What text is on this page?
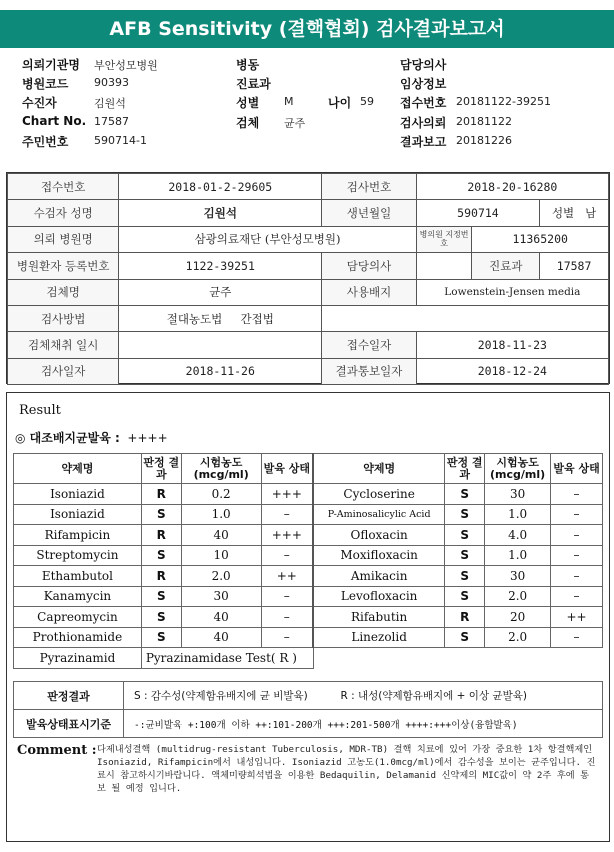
AFB Sensitivity (결핵협회) 검사결과보고서
의뢰기관명 부안성모병원
병원코드 90393
수진자	김원석
Chart No. 17587
주민번호 590714-1
병동
진료과
성별 M	나이 59
검체 균주
담당의사
임상정보
접수번호 20181122-39251
검사의뢰 20181122
결과보고 20181226
접수번호	2018-01-2-29605	검사번호	2018-20-16280		
수검자 성명	김원석	생년월일	590714		성별 남
의뢰 병원명	삼광의료재단 (부안성모병원)		병의원 지정번호	11365200	
병원환자 등록번호	1122-39251	담당의사		진료과	17587
검체명	균주	사용배지	Lowenstein-Jensen media		
검사방법	절대농도법 간접법				
검체채취 일시		접수일자	2018-11-23		
검사일자	2018-11-26	결과통보일자	2018-12-24		
Result
◎ 대조배지균발육 : ++++
약제명	판정 결과	시험농도 (mcg/ml)	발육 상태	약제명	판정 결과	시험농도 (mcg/ml)	발육 상태
Isoniazid	R	0.2	+++	Cycloserine	S	30	–
Isoniazid	S	1.0	–	P-Aminosalicylic Acid	S	1.0	–
Rifampicin	R	40	+++	Ofloxacin	S	4.0	–
Streptomycin	S	10	–	Moxifloxacin	S	1.0	–
Ethambutol	R	2.0	++	Amikacin	S	30	–
Kanamycin	S	30	–	Levofloxacin	S	2.0	–
Capreomycin	S	40	–	Rifabutin	R	20	++
Prothionamide	S	40	–	Linezolid	S	2.0	–
Pyrazinamid	Pyrazinamidase Test( R )						
판정결과	S : 감수성(약제함유배지에 균 비발육) R : 내성(약제함유배지에 + 이상 균발육)
발육상태표시기준	-:균비발육 +:100개 이하 ++:101-200개 +++:201-500개 ++++:+++이상(융합발육)
Comment : 다제내성결핵 (multidrug-resistant Tuberculosis, MDR-TB) 결핵 치료에 있어 가장 중요한 1차 항결핵제인 Isoniazid, Rifampicin에서 내성입니다. Isoniazid 고농도(1.0mcg/ml)에서 감수성을 보이는 균주입니다. 진료시 참고하시기바랍니다. 액체미량희석법을 이용한 Bedaquilin, Delamanid 신약제의 MIC값이 약 2주 후에 통보 될 예정 입니다.
